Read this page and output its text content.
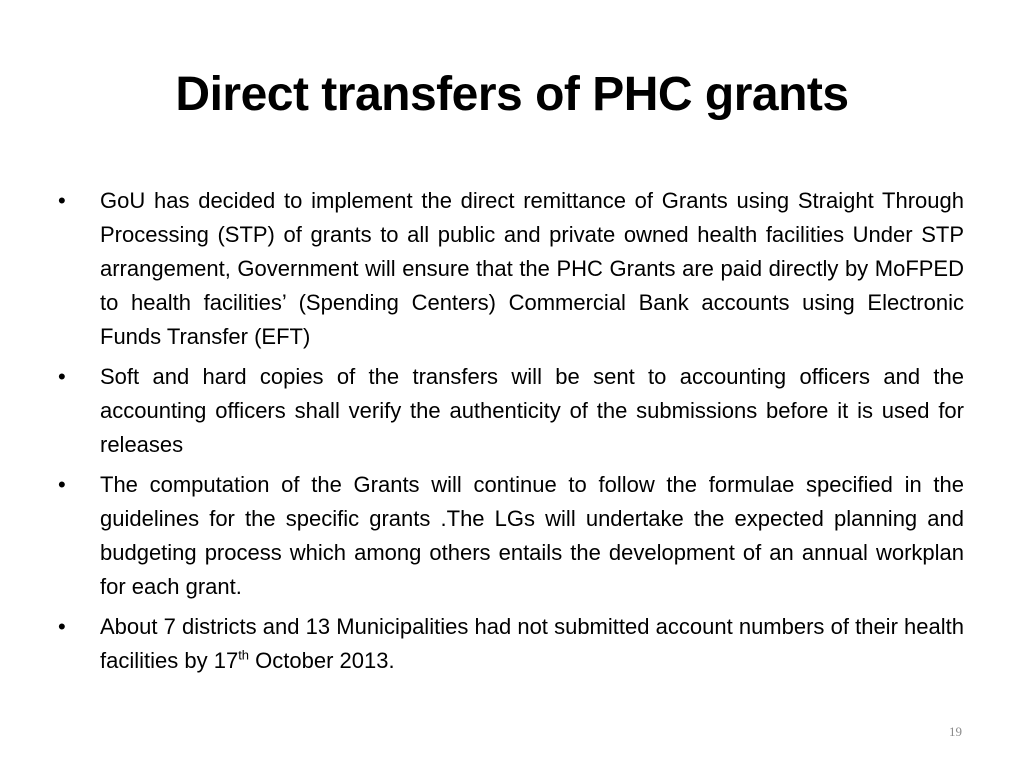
Direct transfers of PHC grants
• GoU has decided to implement the direct remittance of Grants using Straight Through Processing (STP) of grants to all public and private owned health facilities Under STP arrangement, Government will ensure that the PHC Grants are paid directly by MoFPED to health facilities’ (Spending Centers) Commercial Bank accounts using Electronic Funds Transfer (EFT)
• Soft and hard copies of the transfers will be sent to accounting officers and the accounting officers shall verify the authenticity of the submissions before it is used for releases
• The computation of the Grants will continue to follow the formulae specified in the guidelines for the specific grants .The LGs will undertake the expected planning and budgeting process which among others entails the development of an annual workplan for each grant.
• About 7 districts and 13 Municipalities had not submitted account numbers of their health facilities by 17th October 2013.
19
